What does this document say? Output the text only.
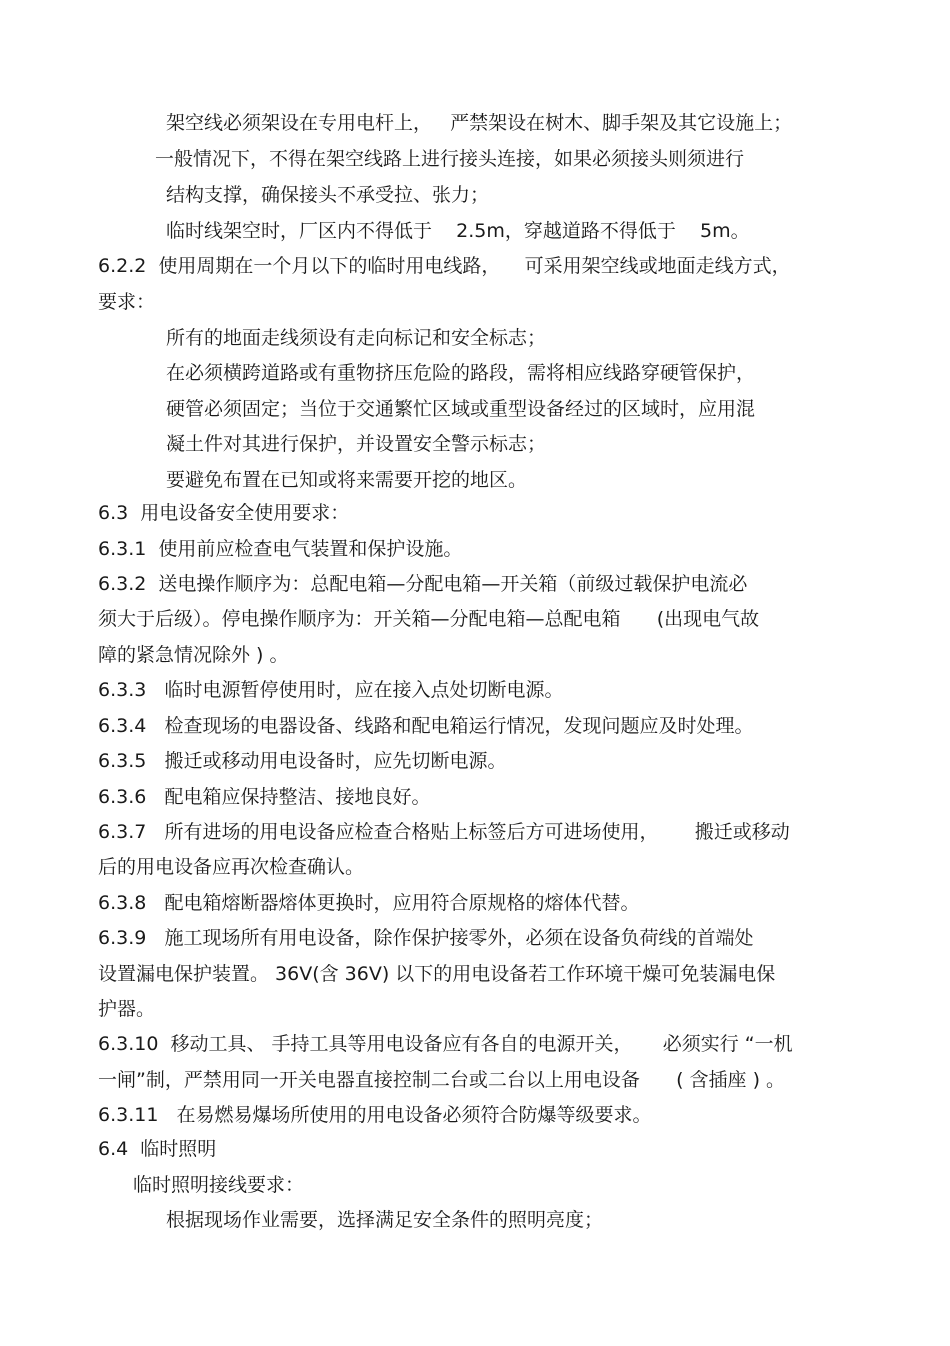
架空线必须架设在专用电杆上，   严禁架设在树木、脚手架及其它设施上；
一般情况下，不得在架空线路上进行接头连接，如果必须接头则须进行
结构支撑，确保接头不承受拉、张力；
临时线架空时，厂区内不得低于    2.5m，穿越道路不得低于    5m。
6.2.2  使用周期在一个月以下的临时用电线路，    可采用架空线或地面走线方式，
要求：
所有的地面走线须设有走向标记和安全标志；
在必须横跨道路或有重物挤压危险的路段，需将相应线路穿硬管保护，
硬管必须固定；当位于交通繁忙区域或重型设备经过的区域时，应用混
凝土件对其进行保护，并设置安全警示标志；
要避免布置在已知或将来需要开挖的地区。
6.3  用电设备安全使用要求：
6.3.1  使用前应检查电气装置和保护设施。
6.3.2  送电操作顺序为：总配电箱—分配电箱—开关箱（前级过载保护电流必
须大于后级）。停电操作顺序为：开关箱—分配电箱—总配电箱      (出现电气故
障的紧急情况除外 ) 。
6.3.3   临时电源暂停使用时，应在接入点处切断电源。
6.3.4   检查现场的电器设备、线路和配电箱运行情况，发现问题应及时处理。
6.3.5   搬迁或移动用电设备时，应先切断电源。
6.3.6   配电箱应保持整洁、接地良好。
6.3.7   所有进场的用电设备应检查合格贴上标签后方可进场使用，      搬迁或移动
后的用电设备应再次检查确认。
6.3.8   配电箱熔断器熔体更换时，应用符合原规格的熔体代替。
6.3.9   施工现场所有用电设备，除作保护接零外，必须在设备负荷线的首端处
设置漏电保护装置。 36V(含 36V) 以下的用电设备若工作环境干燥可免装漏电保
护器。
6.3.10  移动工具、 手持工具等用电设备应有各自的电源开关，     必须实行 “一机
一闸”制，严禁用同一开关电器直接控制二台或二台以上用电设备      ( 含插座 ) 。
6.3.11   在易燃易爆场所使用的用电设备必须符合防爆等级要求。
6.4  临时照明
临时照明接线要求：
根据现场作业需要，选择满足安全条件的照明亮度；
